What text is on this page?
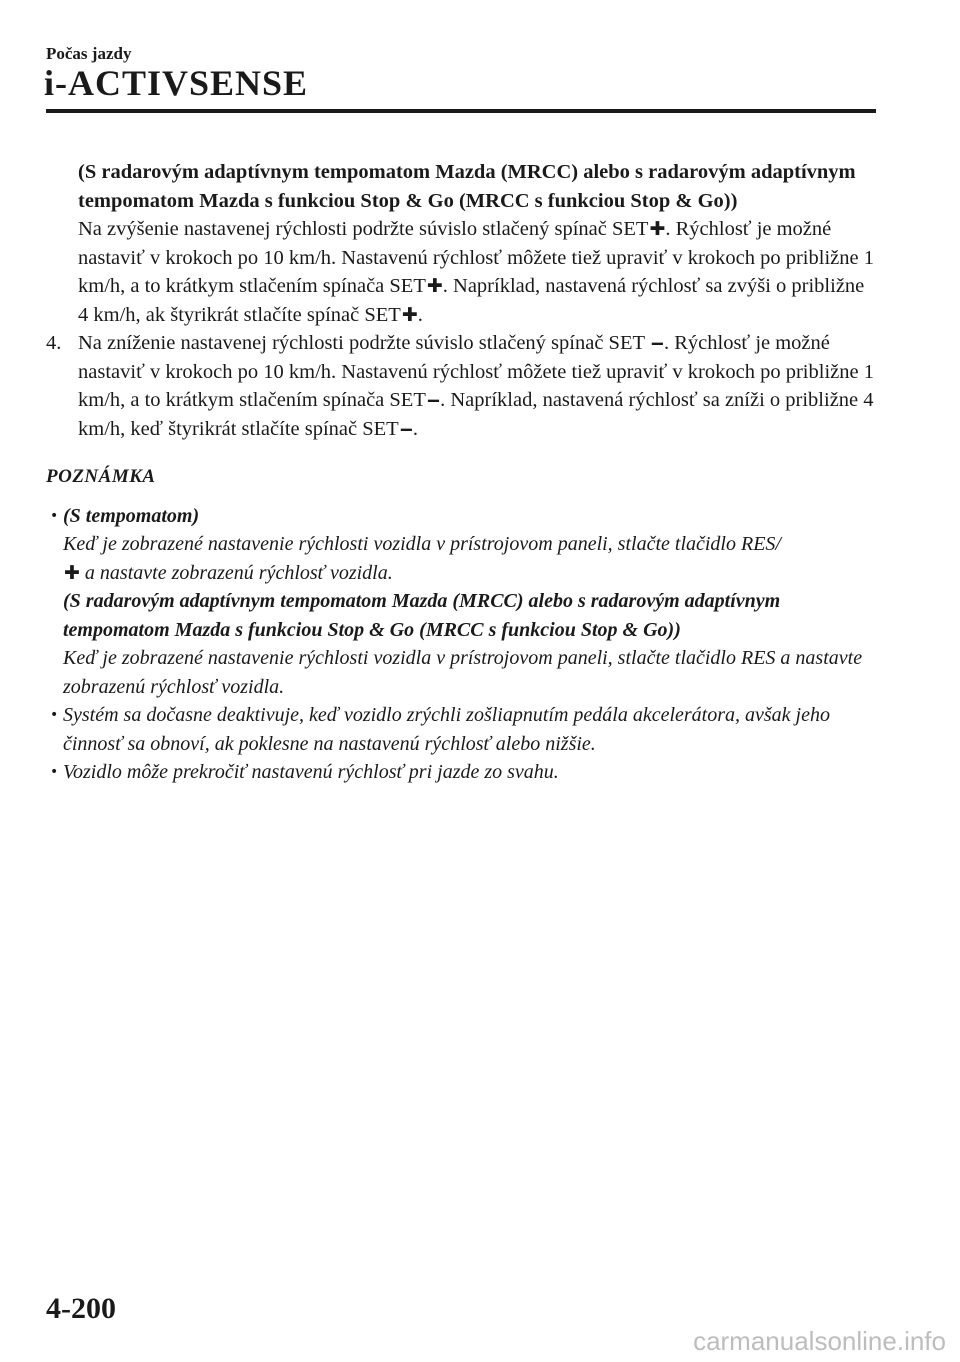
Počas jazdy
i-ACTIVSENSE
(S radarovým adaptívnym tempomatom Mazda (MRCC) alebo s radarovým adaptívnym tempomatom Mazda s funkciou Stop & Go (MRCC s funkciou Stop & Go))
Na zvýšenie nastavenej rýchlosti podržte súvislo stlačený spínač SET✚. Rýchlosť je možné nastaviť v krokoch po 10 km/h. Nastavenú rýchlosť môžete tiež upraviť v krokoch po približne 1 km/h, a to krátkym stlačením spínača SET✚. Napríklad, nastavená rýchlosť sa zvýši o približne 4 km/h, ak štyrikrát stlačíte spínač SET✚.
4. Na zníženie nastavenej rýchlosti podržte súvislo stlačený spínač SET ‒. Rýchlosť je možné nastaviť v krokoch po 10 km/h. Nastavenú rýchlosť môžete tiež upraviť v krokoch po približne 1 km/h, a to krátkym stlačením spínača SET‒. Napríklad, nastavená rýchlosť sa zníži o približne 4 km/h, keď štyrikrát stlačíte spínač SET‒.
POZNÁMKA
• (S tempomatom)
Keď je zobrazené nastavenie rýchlosti vozidla v prístrojovom paneli, stlačte tlačidlo RES/
✚ a nastavte zobrazenú rýchlosť vozidla.
(S radarovým adaptívnym tempomatom Mazda (MRCC) alebo s radarovým adaptívnym tempomatom Mazda s funkciou Stop & Go (MRCC s funkciou Stop & Go))
Keď je zobrazené nastavenie rýchlosti vozidla v prístrojovom paneli, stlačte tlačidlo RES a nastavte zobrazenú rýchlosť vozidla.
• Systém sa dočasne deaktivuje, keď vozidlo zrýchli zošliapnutím pedála akcelerátora, avšak jeho činnosť sa obnoví, ak poklesne na nastavenú rýchlosť alebo nižšie.
• Vozidlo môže prekročiť nastavenú rýchlosť pri jazde zo svahu.
4-200
carmanualsonline.info
